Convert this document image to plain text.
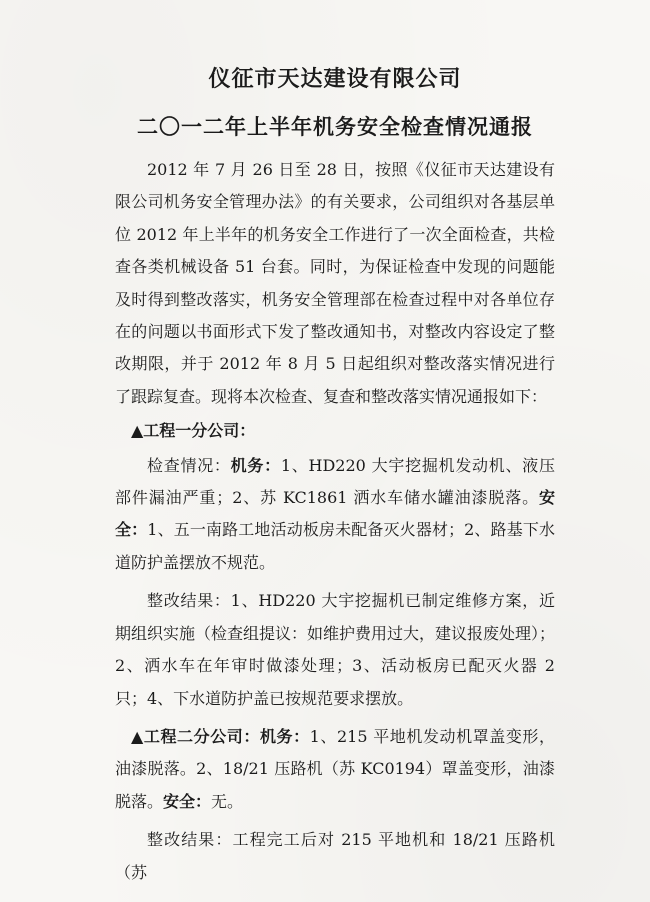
仪征市天达建设有限公司
二〇一二年上半年机务安全检查情况通报

2012 年 7 月 26 日至 28 日，按照《仪征市天达建设有限公司机务安全管理办法》的有关要求，公司组织对各基层单位 2012 年上半年的机务安全工作进行了一次全面检查，共检查各类机械设备 51 台套。同时，为保证检查中发现的问题能及时得到整改落实，机务安全管理部在检查过程中对各单位存在的问题以书面形式下发了整改通知书，对整改内容设定了整改期限，并于 2012 年 8 月 5 日起组织对整改落实情况进行了跟踪复查。现将本次检查、复查和整改落实情况通报如下：

▲工程一分公司：

检查情况：机务：1、HD220 大宇挖掘机发动机、液压部件漏油严重；2、苏 KC1861 洒水车储水罐油漆脱落。安全：1、五一南路工地活动板房未配备灭火器材；2、路基下水道防护盖摆放不规范。

整改结果：1、HD220 大宇挖掘机已制定维修方案，近期组织实施（检查组提议：如维护费用过大，建议报废处理）；2、洒水车在年审时做漆处理；3、活动板房已配灭火器 2 只；4、下水道防护盖已按规范要求摆放。

▲工程二分公司：机务：1、215 平地机发动机罩盖变形，油漆脱落。2、18/21 压路机（苏 KC0194）罩盖变形，油漆脱落。安全：无。

整改结果：工程完工后对 215 平地机和 18/21 压路机（苏
